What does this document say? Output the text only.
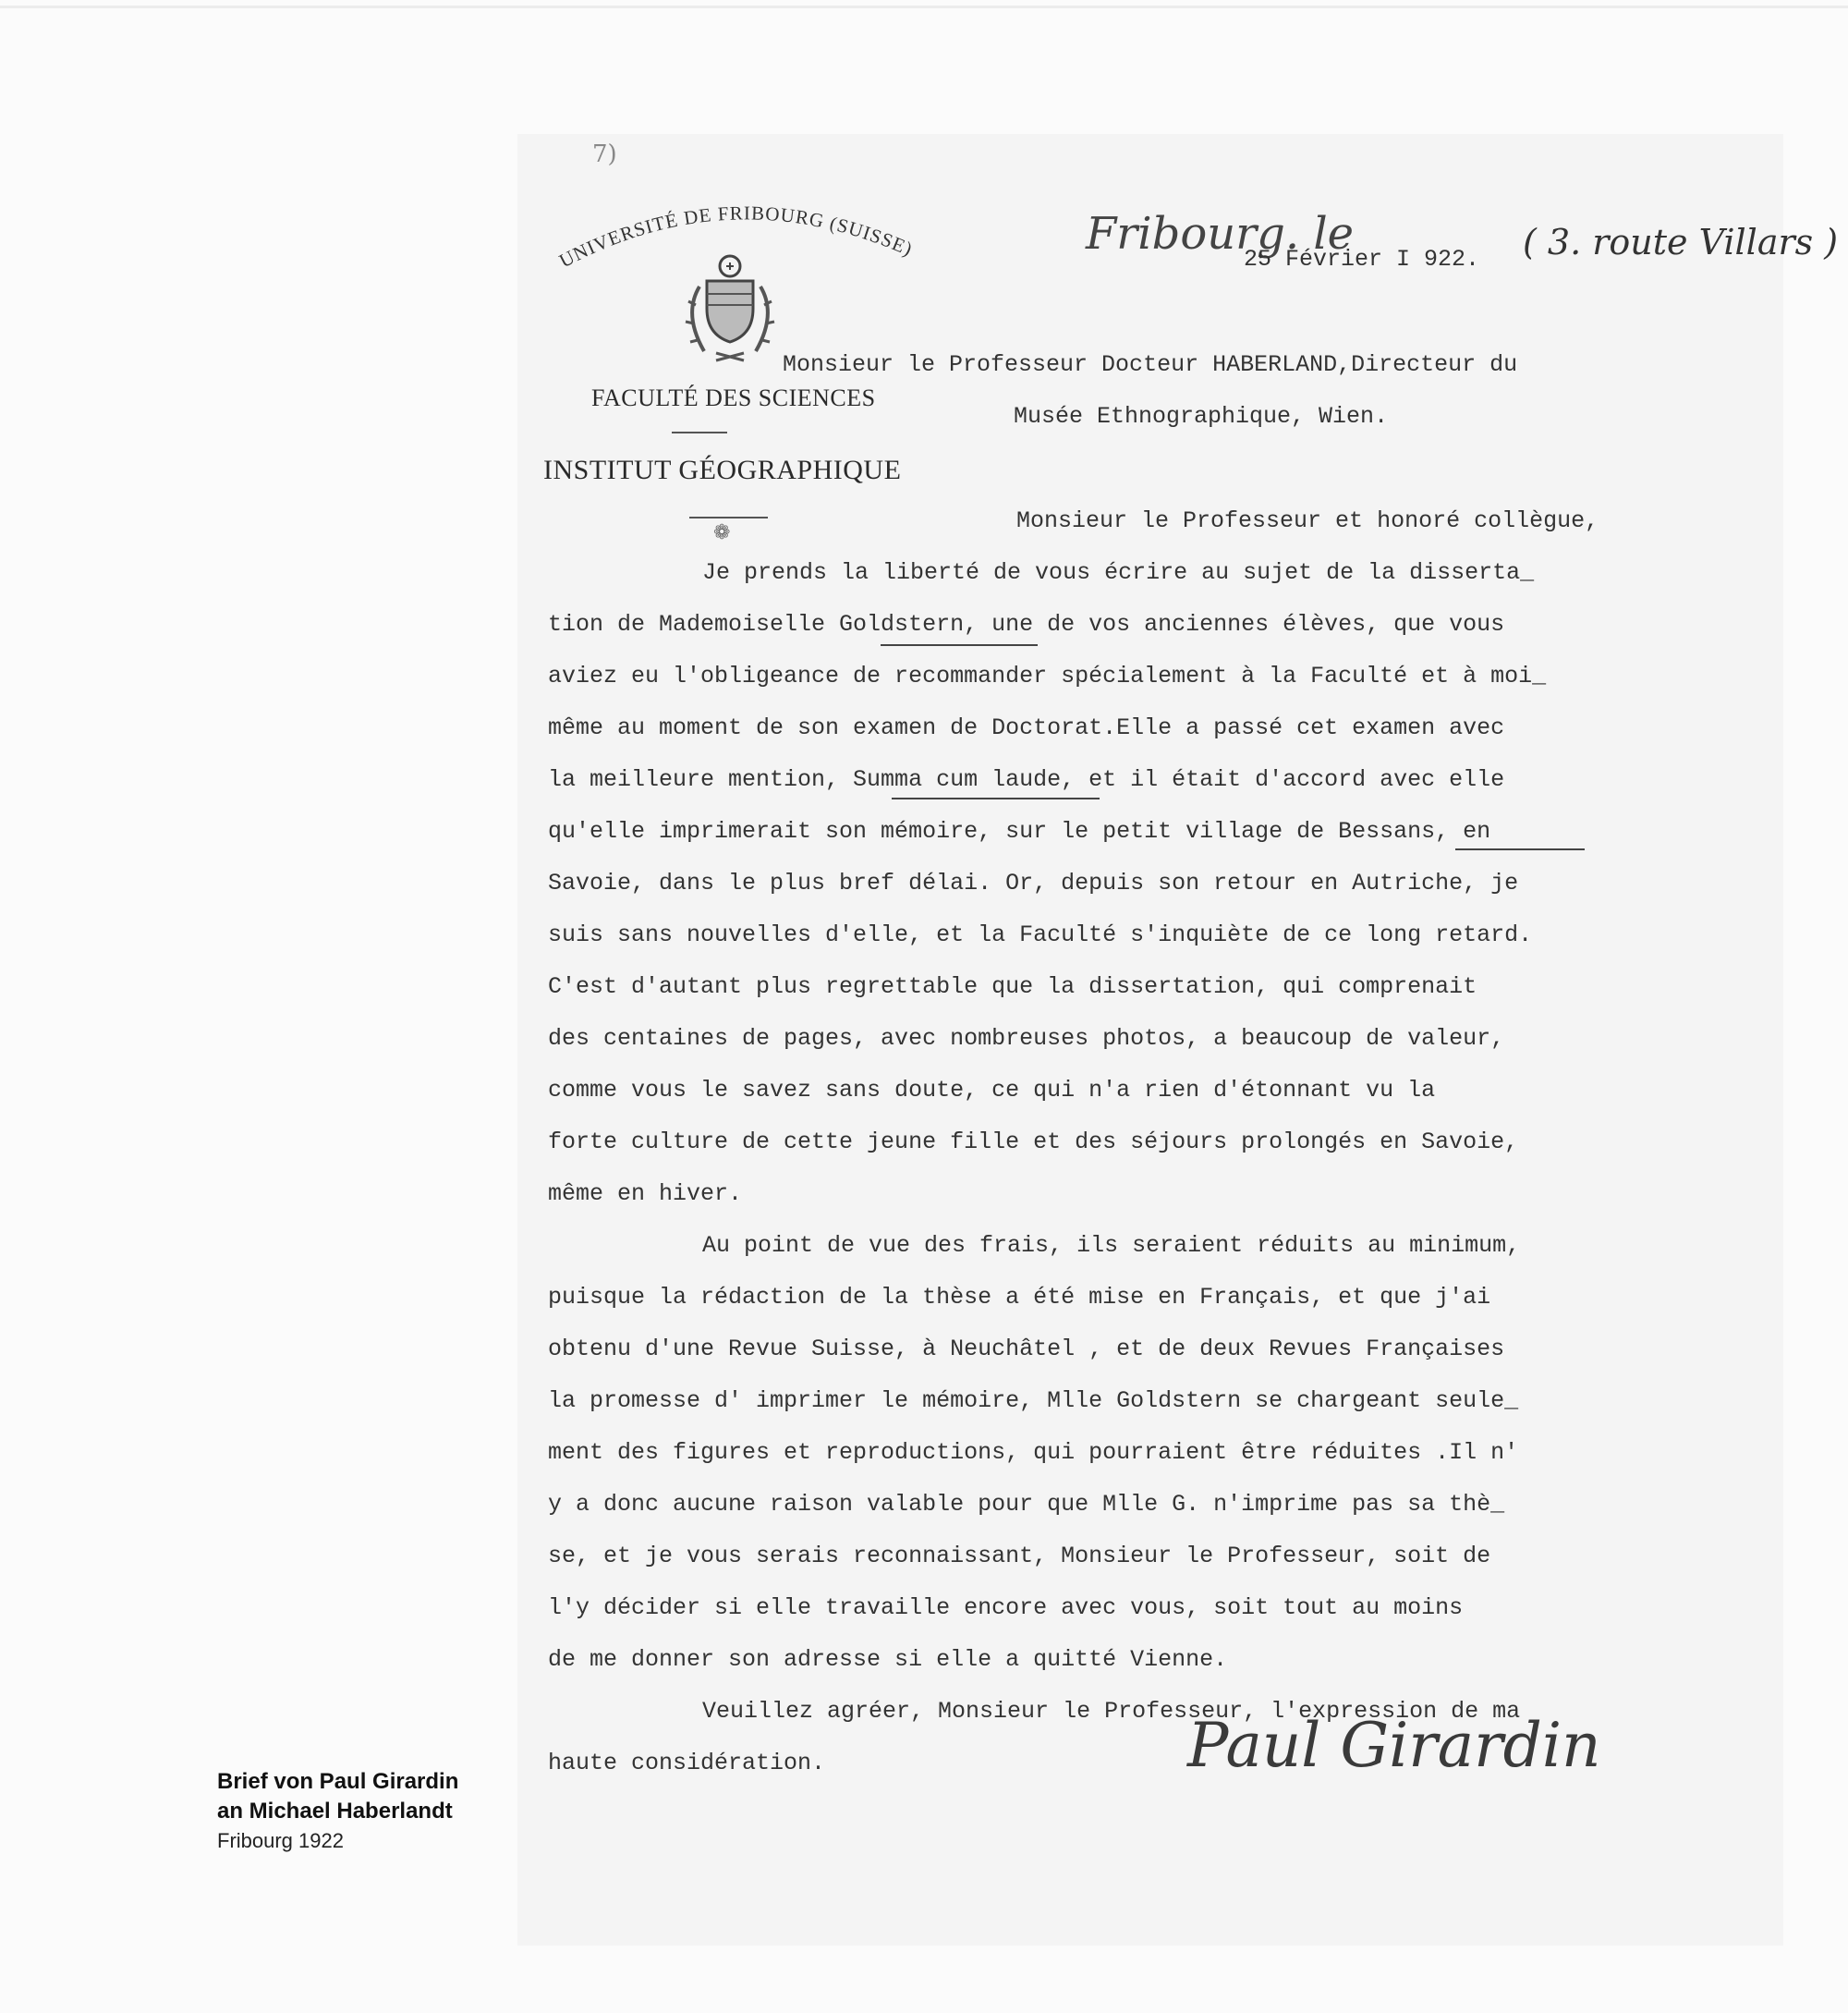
Brief von Paul Girardin
an Michael Haberlandt
Fribourg 1922
7)
UNIVERSITÉ DE FRIBOURG (SUISSE)
FACULTÉ DES SCIENCES
INSTITUT GÉOGRAPHIQUE
❁
Fribourg. le
25 Février I 922. ( 3. route Villars )
Monsieur le Professeur Docteur HABERLAND,Directeur du
Musée Ethnographique, Wien.
Monsieur le Professeur et honoré collègue,
Je prends la liberté de vous écrire au sujet de la disserta_
tion de Mademoiselle Goldstern, une de vos anciennes élèves, que vous
aviez eu l'obligeance de recommander spécialement à la Faculté et à moi_
même au moment de son examen de Doctorat.Elle a passé cet examen avec
la meilleure mention, Summa cum laude, et il était d'accord avec elle
qu'elle imprimerait son mémoire, sur le petit village de Bessans, en
Savoie, dans le plus bref délai. Or, depuis son retour en Autriche, je
suis sans nouvelles d'elle, et la Faculté s'inquiète de ce long retard.
C'est d'autant plus regrettable que la dissertation, qui comprenait
des centaines de pages, avec nombreuses photos, a beaucoup de valeur,
comme vous le savez sans doute, ce qui n'a rien d'étonnant vu la
forte culture de cette jeune fille et des séjours prolongés en Savoie,
même en hiver.
Au point de vue des frais, ils seraient réduits au minimum,
puisque la rédaction de la thèse a été mise en Français, et que j'ai
obtenu d'une Revue Suisse, à Neuchâtel , et de deux Revues Françaises
la promesse d' imprimer le mémoire, Mlle Goldstern se chargeant seule_
ment des figures et reproductions, qui pourraient être réduites .Il n'
y a donc aucune raison valable pour que Mlle G. n'imprime pas sa thè_
se, et je vous serais reconnaissant, Monsieur le Professeur, soit de
l'y décider si elle travaille encore avec vous, soit tout au moins
de me donner son adresse si elle a quitté Vienne.
Veuillez agréer, Monsieur le Professeur, l'expression de ma
haute considération.	Paul Girardin
